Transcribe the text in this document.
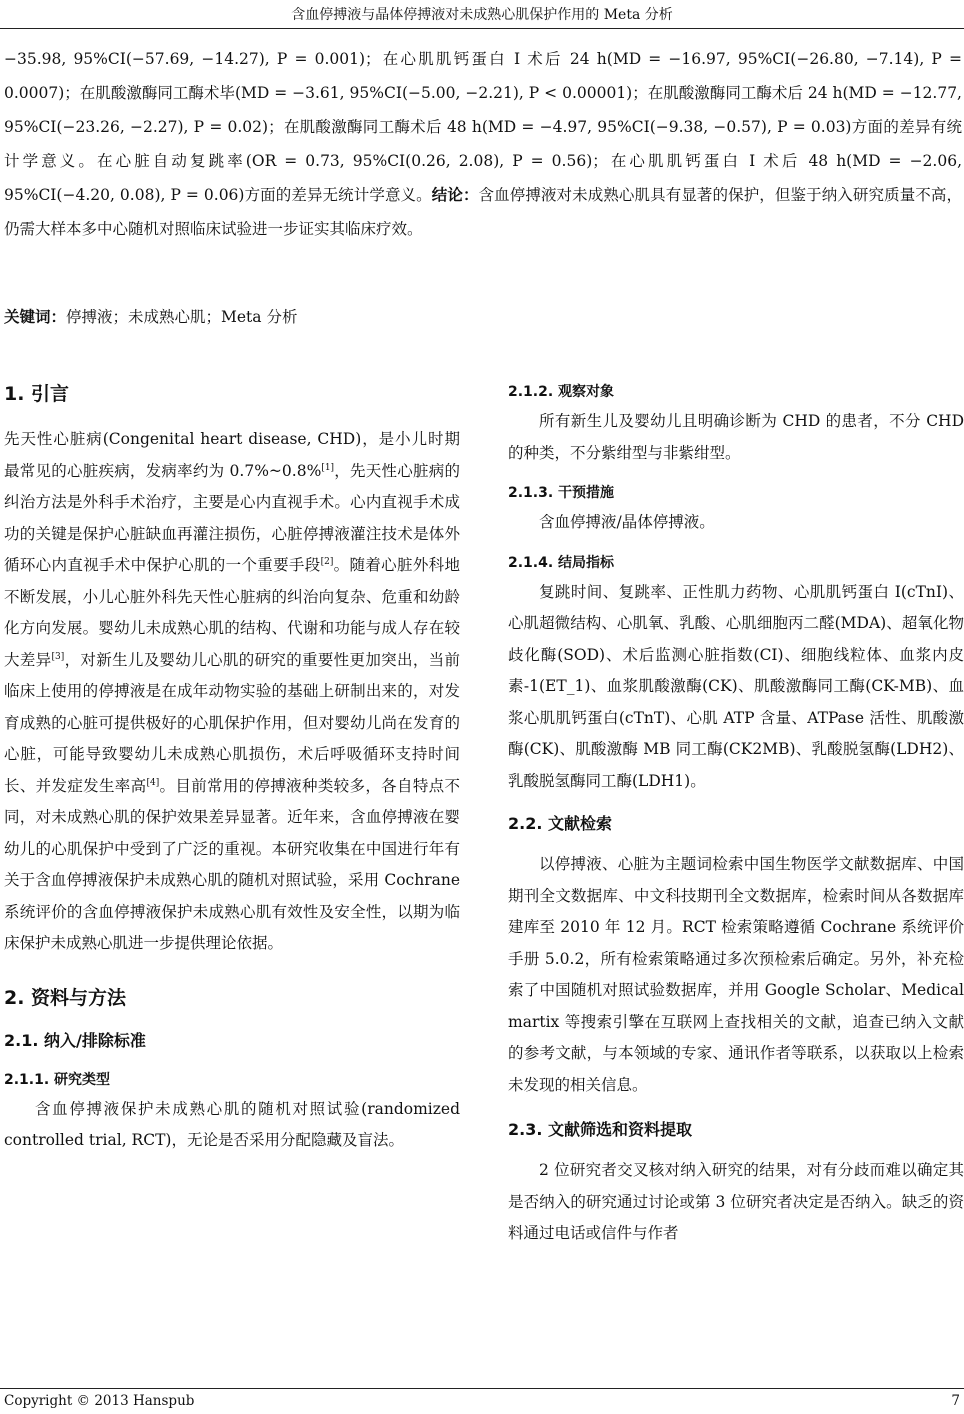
含血停搏液与晶体停搏液对未成熟心肌保护作用的 Meta 分析

−35.98, 95%CI(−57.69, −14.27), P = 0.001)；在心肌肌钙蛋白 I 术后 24 h(MD = −16.97, 95%CI(−26.80, −7.14), P = 0.0007)；在肌酸激酶同工酶术毕(MD = −3.61, 95%CI(−5.00, −2.21), P < 0.00001)；在肌酸激酶同工酶术后 24 h(MD = −12.77, 95%CI(−23.26, −2.27), P = 0.02)；在肌酸激酶同工酶术后 48 h(MD = −4.97, 95%CI(−9.38, −0.57), P = 0.03)方面的差异有统计学意义。在心脏自动复跳率(OR = 0.73, 95%CI(0.26, 2.08), P = 0.56)；在心肌肌钙蛋白 I 术后 48 h(MD = −2.06, 95%CI(−4.20, 0.08), P = 0.06)方面的差异无统计学意义。结论：含血停搏液对未成熟心肌具有显著的保护，但鉴于纳入研究质量不高，仍需大样本多中心随机对照临床试验进一步证实其临床疗效。

关键词：停搏液；未成熟心肌；Meta 分析

1. 引言

先天性心脏病(Congenital heart disease, CHD)，是小儿时期最常见的心脏疾病，发病率约为 0.7%~0.8%[1]，先天性心脏病的纠治方法是外科手术治疗，主要是心内直视手术。心内直视手术成功的关键是保护心脏缺血再灌注损伤，心脏停搏液灌注技术是体外循环心内直视手术中保护心肌的一个重要手段[2]。随着心脏外科地不断发展，小儿心脏外科先天性心脏病的纠治向复杂、危重和幼龄化方向发展。婴幼儿未成熟心肌的结构、代谢和功能与成人存在较大差异[3]，对新生儿及婴幼儿心肌的研究的重要性更加突出，当前临床上使用的停搏液是在成年动物实验的基础上研制出来的，对发育成熟的心脏可提供极好的心肌保护作用，但对婴幼儿尚在发育的心脏，可能导致婴幼儿未成熟心肌损伤，术后呼吸循环支持时间长、并发症发生率高[4]。目前常用的停搏液种类较多，各自特点不同，对未成熟心肌的保护效果差异显著。近年来，含血停搏液在婴幼儿的心肌保护中受到了广泛的重视。本研究收集在中国进行年有关于含血停搏液保护未成熟心肌的随机对照试验，采用 Cochrane 系统评价的含血停搏液保护未成熟心肌有效性及安全性，以期为临床保护未成熟心肌进一步提供理论依据。

2. 资料与方法
2.1. 纳入/排除标准
2.1.1. 研究类型

含血停搏液保护未成熟心肌的随机对照试验(randomized controlled trial, RCT)，无论是否采用分配隐藏及盲法。

2.1.2. 观察对象

所有新生儿及婴幼儿且明确诊断为 CHD 的患者，不分 CHD 的种类，不分紫绀型与非紫绀型。

2.1.3. 干预措施

含血停搏液/晶体停搏液。

2.1.4. 结局指标

复跳时间、复跳率、正性肌力药物、心肌肌钙蛋白 I(cTnI)、心肌超微结构、心肌氧、乳酸、心肌细胞丙二醛(MDA)、超氧化物歧化酶(SOD)、术后监测心脏指数(CI)、细胞线粒体、血浆内皮素-1(ET_1)、血浆肌酸激酶(CK)、肌酸激酶同工酶(CK-MB)、血浆心肌肌钙蛋白(cTnT)、心肌 ATP 含量、ATPase 活性、肌酸激酶(CK)、肌酸激酶 MB 同工酶(CK2MB)、乳酸脱氢酶(LDH2)、乳酸脱氢酶同工酶(LDH1)。

2.2. 文献检索

以停搏液、心脏为主题词检索中国生物医学文献数据库、中国期刊全文数据库、中文科技期刊全文数据库，检索时间从各数据库建库至 2010 年 12 月。RCT 检索策略遵循 Cochrane 系统评价手册 5.0.2，所有检索策略通过多次预检索后确定。另外，补充检索了中国随机对照试验数据库，并用 Google Scholar、Medical martix 等搜索引擎在互联网上查找相关的文献，追查已纳入文献的参考文献，与本领域的专家、通讯作者等联系，以获取以上检索未发现的相关信息。

2.3. 文献筛选和资料提取

2 位研究者交叉核对纳入研究的结果，对有分歧而难以确定其是否纳入的研究通过讨论或第 3 位研究者决定是否纳入。缺乏的资料通过电话或信件与作者

Copyright © 2013 Hanspub	7
